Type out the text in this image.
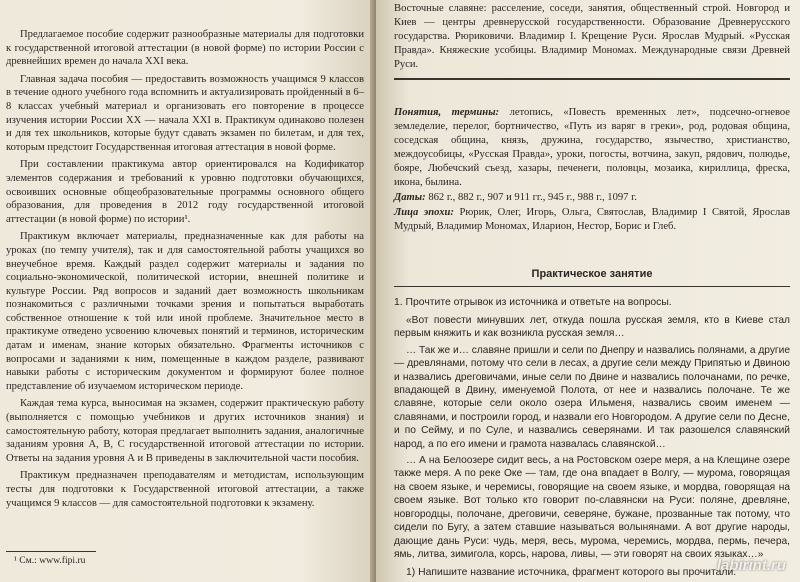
Предлагаемое пособие содержит разнообразные материалы для подготовки к государственной итоговой аттестации (в новой форме) по истории России с древнейших времен до начала XXI века.

Главная задача пособия — предоставить возможность учащимся 9 классов в течение одного учебного года вспомнить и актуализировать пройденный в 6–8 классах учебный материал и организовать его повторение в процессе изучения истории России XX — начала XXI в. Практикум одинаково полезен и для тех школьников, которые будут сдавать экзамен по билетам, и для тех, которым предстоит Государственная итоговая аттестация в новой форме.

При составлении практикума автор ориентировался на Кодификатор элементов содержания и требований к уровню подготовки обучающихся, освоивших основные общеобразовательные программы основного общего образования, для проведения в 2012 году государственной итоговой аттестации (в новой форме) по истории¹.

Практикум включает материалы, предназначенные как для работы на уроках (по темпу учителя), так и для самостоятельной работы учащихся во внеучебное время. Каждый раздел содержит материалы и задания по социально-экономической, политической истории, внешней политике и культуре России. Ряд вопросов и заданий дает возможность школьникам познакомиться с различными точками зрения и попытаться выработать собственное отношение к той или иной проблеме. Значительное место в практикуме отведено усвоению ключевых понятий и терминов, историческим датам и именам, знание которых обязательно. Фрагменты источников с вопросами и заданиями к ним, помещенные в каждом разделе, развивают навыки работы с историческим документом и формируют более полное представление об изучаемом историческом периоде.

Каждая тема курса, выносимая на экзамен, содержит практическую работу (выполняется с помощью учебников и других источников знания) и самостоятельную работу, которая предлагает выполнить задания, аналогичные заданиям уровня А, В, С государственной итоговой аттестации по истории. Ответы на задания уровня А и В приведены в заключительной части пособия.

Практикум предназначен преподавателям и методистам, использующим тесты для подготовки к Государственной итоговой аттестации, а также учащимся 9 классов — для самостоятельной подготовки к экзамену.

¹ См.: www.fipi.ru

Восточные славяне: расселение, соседи, занятия, общественный строй. Новгород и Киев — центры древнерусской государственности. Образование Древнерусского государства. Рюриковичи. Владимир I. Крещение Руси. Ярослав Мудрый. «Русская Правда». Княжеские усобицы. Владимир Мономах. Международные связи Древней Руси.

Понятия, термины: летопись, «Повесть временных лет», подсечно-огневое земледелие, перелог, бортничество, «Путь из варяг в греки», род, родовая община, соседская община, князь, дружина, государство, язычество, христианство, междоусобицы, «Русская Правда», уроки, погосты, вотчина, закуп, рядович, полюдье, бояре, Любечский съезд, хазары, печенеги, половцы, мозаика, кириллица, фреска, икона, былина.

Даты: 862 г., 882 г., 907 и 911 гг., 945 г., 988 г., 1097 г.

Лица эпохи: Рюрик, Олег, Игорь, Ольга, Святослав, Владимир I Святой, Ярослав Мудрый, Владимир Мономах, Иларион, Нестор, Борис и Глеб.

Практическое занятие

1. Прочтите отрывок из источника и ответьте на вопросы.

«Вот повести минувших лет, откуда пошла русская земля, кто в Киеве стал первым княжить и как возникла русская земля…

… Так же и… славяне пришли и сели по Днепру и назвались полянами, а другие — древлянами, потому что сели в лесах, а другие сели между Припятью и Двиною и назвались дреговичами, иные сели по Двине и назвались полочанами, по речке, впадающей в Двину, именуемой Полота, от нее и назвались полочане. Те же славяне, которые сели около озера Ильменя, назвались своим именем — славянами, и построили город, и назвали его Новгородом. А другие сели по Десне, и по Сейму, и по Суле, и назвались северянами. И так разошелся славянский народ, а по его имени и грамота назвалась славянской…

… А на Белоозере сидит весь, а на Ростовском озере меря, а на Клещине озере также меря. А по реке Оке — там, где она впадает в Волгу, — мурома, говорящая на своем языке, и черемисы, говорящие на своем языке, и мордва, говорящая на своем языке. Вот только кто говорит по-славянски на Руси: поляне, древляне, новгородцы, полочане, дреговичи, северяне, бужане, прозванные так потому, что сидели по Бугу, а затем ставшие называться волынянами. А вот другие народы, дающие дань Руси: чудь, меря, весь, мурома, черемись, мордва, пермь, печера, ямь, литва, зимигола, корсь, нарова, ливы, — эти говорят на своих языках…»

1) Напишите название источника, фрагмент которого вы прочитали.

labirint.ru
